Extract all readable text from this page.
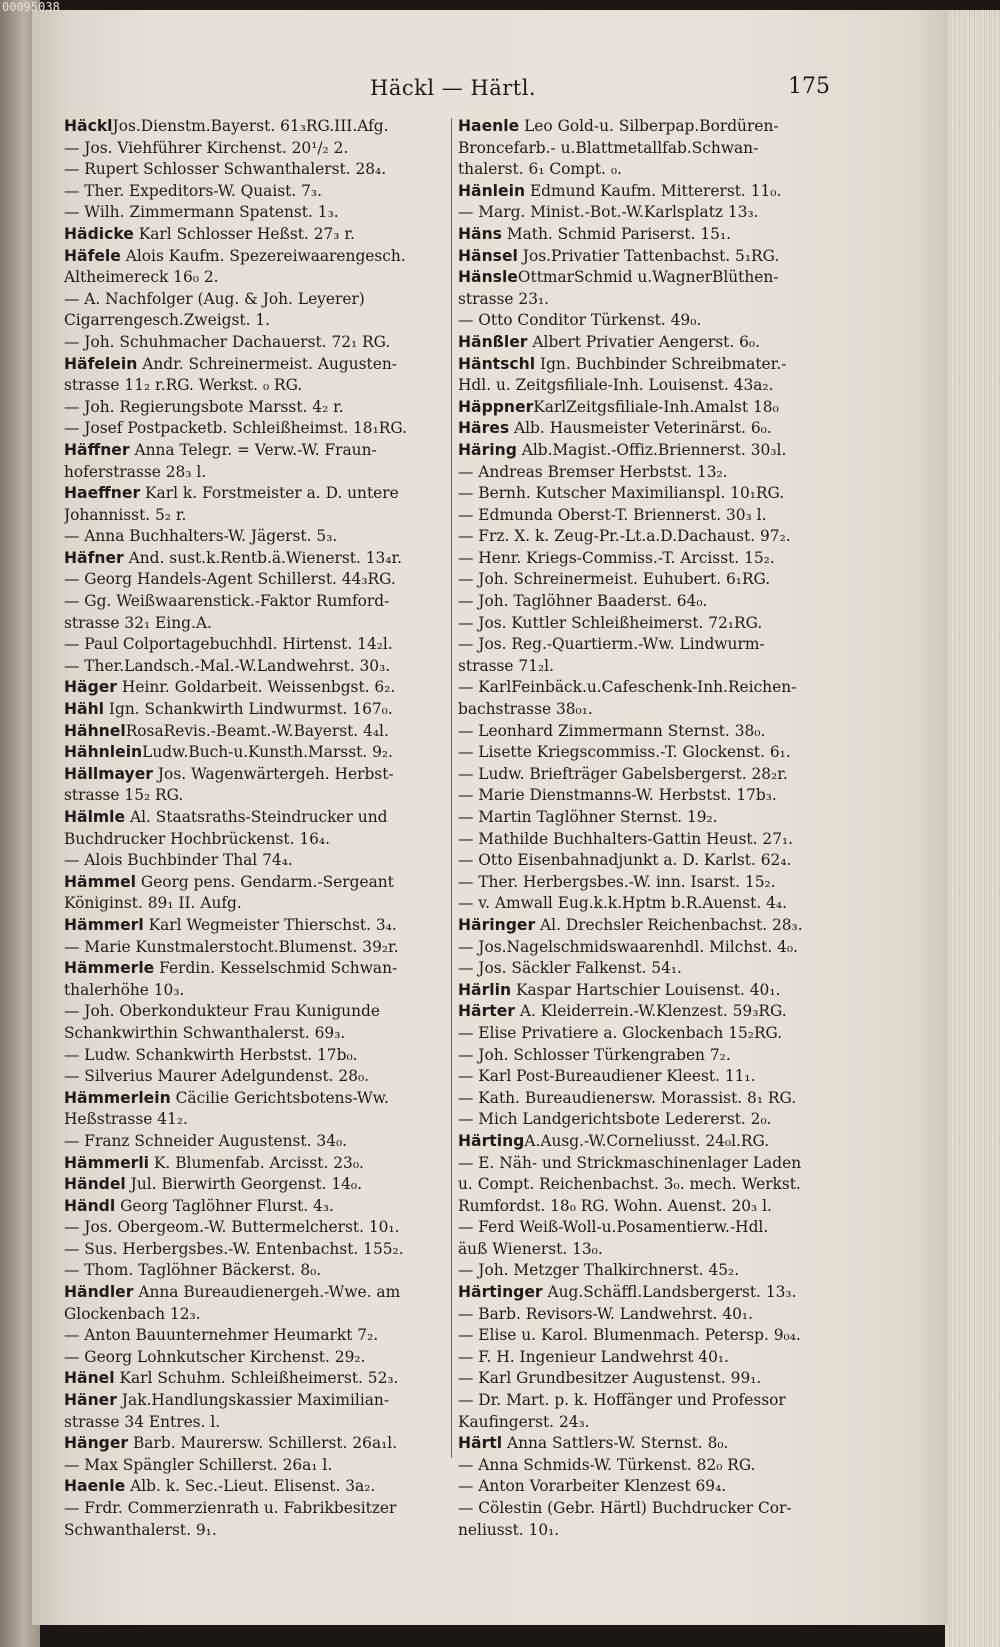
00095038
Häckl — Härtl.	175
HäcklJos.Dienstm.Bayerst. 61₃RG.III.Afg.
— Jos. Viehführer Kirchenst. 20¹/₂ 2.
— Rupert Schlosser Schwanthalerst. 28₄.
— Ther. Expeditors-W. Quaist. 7₃.
— Wilh. Zimmermann Spatenst. 1₃.
Hädicke Karl Schlosser Heßst. 27₃ r.
Häfele Alois Kaufm. Spezereiwaarengesch.
Altheimereck 16₀ 2.
— A. Nachfolger (Aug. & Joh. Leyerer)
Cigarrengesch.Zweigst. 1.
— Joh. Schuhmacher Dachauerst. 72₁ RG.
Häfelein Andr. Schreinermeist. Augusten-
strasse 11₂ r.RG. Werkst. ₀ RG.
— Joh. Regierungsbote Marsst. 4₂ r.
— Josef Postpacketb. Schleißheimst. 18₁RG.
Häffner Anna Telegr. = Verw.-W. Fraun-
hoferstrasse 28₃ l.
Haeffner Karl k. Forstmeister a. D. untere
Johannisst. 5₂ r.
— Anna Buchhalters-W. Jägerst. 5₃.
Häfner And. sust.k.Rentb.ä.Wienerst. 13₄r.
— Georg Handels-Agent Schillerst. 44₃RG.
— Gg. Weißwaarenstick.-Faktor Rumford-
strasse 32₁ Eing.A.
— Paul Colportagebuchhdl. Hirtenst. 14₂l.
— Ther.Landsch.-Mal.-W.Landwehrst. 30₃.
Häger Heinr. Goldarbeit. Weissenbgst. 6₂.
Hähl Ign. Schankwirth Lindwurmst. 167₀.
HähnelRosaRevis.-Beamt.-W.Bayerst. 4₄l.
HähnleinLudw.Buch-u.Kunsth.Marsst. 9₂.
Hällmayer Jos. Wagenwärtergeh. Herbst-
strasse 15₂ RG.
Hälmle Al. Staatsraths-Steindrucker und
Buchdrucker Hochbrückenst. 16₄.
— Alois Buchbinder Thal 74₄.
Hämmel Georg pens. Gendarm.-Sergeant
Königinst. 89₁ II. Aufg.
Hämmerl Karl Wegmeister Thierschst. 3₄.
— Marie Kunstmalerstocht.Blumenst. 39₂r.
Hämmerle Ferdin. Kesselschmid Schwan-
thalerhöhe 10₃.
— Joh. Oberkondukteur Frau Kunigunde
Schankwirthin Schwanthalerst. 69₃.
— Ludw. Schankwirth Herbstst. 17b₀.
— Silverius Maurer Adelgundenst. 28₀.
Hämmerlein Cäcilie Gerichtsbotens-Ww.
Heßstrasse 41₂.
— Franz Schneider Augustenst. 34₀.
Hämmerli K. Blumenfab. Arcisst. 23₀.
Händel Jul. Bierwirth Georgenst. 14₀.
Händl Georg Taglöhner Flurst. 4₃.
— Jos. Obergeom.-W. Buttermelcherst. 10₁.
— Sus. Herbergsbes.-W. Entenbachst. 155₂.
— Thom. Taglöhner Bäckerst. 8₀.
Händler Anna Bureaudienergeh.-Wwe. am
Glockenbach 12₃.
— Anton Bauunternehmer Heumarkt 7₂.
— Georg Lohnkutscher Kirchenst. 29₂.
Hänel Karl Schuhm. Schleißheimerst. 52₃.
Häner Jak.Handlungskassier Maximilian-
strasse 34 Entres. l.
Hänger Barb. Maurersw. Schillerst. 26a₁l.
— Max Spängler Schillerst. 26a₁ l.
Haenle Alb. k. Sec.-Lieut. Elisenst. 3a₂.
— Frdr. Commerzienrath u. Fabrikbesitzer
Schwanthalerst. 9₁.
Haenle Leo Gold-u. Silberpap.Bordüren-
Broncefarb.- u.Blattmetallfab.Schwan-
thalerst. 6₁ Compt. ₀.
Hänlein Edmund Kaufm. Mittererst. 11₀.
— Marg. Minist.-Bot.-W.Karlsplatz 13₃.
Häns Math. Schmid Pariserst. 15₁.
Hänsel Jos.Privatier Tattenbachst. 5₁RG.
HänsleOttmarSchmid u.WagnerBlüthen-
strasse 23₁.
— Otto Conditor Türkenst. 49₀.
Hänßler Albert Privatier Aengerst. 6₀.
Häntschl Ign. Buchbinder Schreibmater.-
Hdl. u. Zeitgsfiliale-Inh. Louisenst. 43a₂.
HäppnerKarlZeitgsfiliale-Inh.Amalst 18₀
Häres Alb. Hausmeister Veterinärst. 6₀.
Häring Alb.Magist.-Offiz.Briennerst. 30₃l.
— Andreas Bremser Herbstst. 13₂.
— Bernh. Kutscher Maximilianspl. 10₁RG.
— Edmunda Oberst-T. Briennerst. 30₃ l.
— Frz. X. k. Zeug-Pr.-Lt.a.D.Dachaust. 97₂.
— Henr. Kriegs-Commiss.-T. Arcisst. 15₂.
— Joh. Schreinermeist. Euhubert. 6₁RG.
— Joh. Taglöhner Baaderst. 64₀.
— Jos. Kuttler Schleißheimerst. 72₁RG.
— Jos. Reg.-Quartierm.-Ww. Lindwurm-
strasse 71₂l.
— KarlFeinbäck.u.Cafeschenk-Inh.Reichen-
bachstrasse 38₀₁.
— Leonhard Zimmermann Sternst. 38₀.
— Lisette Kriegscommiss.-T. Glockenst. 6₁.
— Ludw. Briefträger Gabelsbergerst. 28₂r.
— Marie Dienstmanns-W. Herbstst. 17b₃.
— Martin Taglöhner Sternst. 19₂.
— Mathilde Buchhalters-Gattin Heust. 27₁.
— Otto Eisenbahnadjunkt a. D. Karlst. 62₄.
— Ther. Herbergsbes.-W. inn. Isarst. 15₂.
— v. Amwall Eug.k.k.Hptm b.R.Auenst. 4₄.
Häringer Al. Drechsler Reichenbachst. 28₃.
— Jos.Nagelschmidswaarenhdl. Milchst. 4₀.
— Jos. Säckler Falkenst. 54₁.
Härlin Kaspar Hartschier Louisenst. 40₁.
Härter A. Kleiderrein.-W.Klenzest. 59₃RG.
— Elise Privatiere a. Glockenbach 15₂RG.
— Joh. Schlosser Türkengraben 7₂.
— Karl Post-Bureaudiener Kleest. 11₁.
— Kath. Bureaudienersw. Morassist. 8₁ RG.
— Mich Landgerichtsbote Ledererst. 2₀.
HärtingA.Ausg.-W.Corneliusst. 24₀l.RG.
— E. Näh- und Strickmaschinenlager Laden
u. Compt. Reichenbachst. 3₀. mech. Werkst.
Rumfordst. 18₀ RG. Wohn. Auenst. 20₃ l.
— Ferd Weiß-Woll-u.Posamentierw.-Hdl.
äuß Wienerst. 13₀.
— Joh. Metzger Thalkirchnerst. 45₂.
Härtinger Aug.Schäffl.Landsbergerst. 13₃.
— Barb. Revisors-W. Landwehrst. 40₁.
— Elise u. Karol. Blumenmach. Petersp. 9₀₄.
— F. H. Ingenieur Landwehrst 40₁.
— Karl Grundbesitzer Augustenst. 99₁.
— Dr. Mart. p. k. Hoffänger und Professor
Kaufingerst. 24₃.
Härtl Anna Sattlers-W. Sternst. 8₀.
— Anna Schmids-W. Türkenst. 82₀ RG.
— Anton Vorarbeiter Klenzest 69₄.
— Cölestin (Gebr. Härtl) Buchdrucker Cor-
neliusst. 10₁.
